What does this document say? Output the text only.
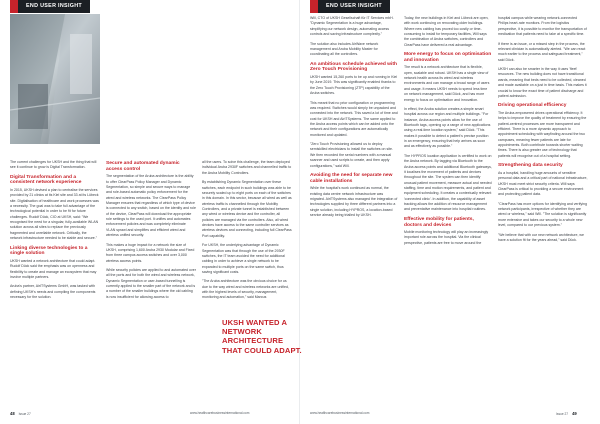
END USER INSIGHT
48 Issue 27	www.healthcarebusinessinternational.com
END USER INSIGHT
www.healthcarebusinessinternational.com	Issue 27 49

The current challenges for UKSH and the thing that will see it continue to grow is Digital Transformation.

Digital Transformation and a consistent network experience

In 2015, UKSH devised a plan to centralise the services provided by 21 clinics at its Kiel site and 33 at its Lübeck site. Digitalisation of healthcare and work processes was a necessity. The goal was to take full advantage of the technological potential in order to be fit for future challenges. Rudolf Dück, CIO at UKSH, said: "We recognised the need for a singular, fully-available WLAN solution across all sites to replace the previously fragmented and unreliable network. Critically, the network infrastructure needed to be stable and secure."

Linking diverse technologies to a single solution

UKSH wanted a network architecture that could adapt. Rudolf Dück said the emphasis was on openness and flexibility to create and manage an ecosystem that may involve multiple partners.

Aruba's partner, AirITSystems GmbH, was tasked with defining UKSH's needs and compiling the components necessary for the solution.

Secure and automated dynamic access control

The segmentation of the Aruba architecture is the ability to offer ClearPass Policy Manager and Dynamic Segmentation, so simple and secure ways to manage and role-based automatic policy enforcement for the wired and wireless networks. The ClearPass Policy Manager ensures that regardless of which type of device is connected to any switch, based on the identity and role of the device, ClearPass will download the appropriate role settings to the used port. It unifies and automates enforcement policies and was completely eliminate VLAN sprawl and simplifies and efficient wired and wireless unified security.

This makes a huge impact for a network the size of UKSH, comprising 1,600 Aruba 2930 Modular and Fixed from three campus access switches and over 3,000 wireless access points.

While security policies are applied to and automated over all the ports and for both the wired and wireless network, Dynamic Segmentation or user-based tunnelling is currently applied to the smaller part of the network and is a number of the smaller buildings where the old cabling is now insufficient for allowing access to

all the users. To solve this challenge, the team deployed individual Aruba 2930F switches and channelled traffic to the Aruba Mobility Controllers.

By establishing Dynamic Segmentation over these switches, each endpoint in such buildings was able to be securely scaled up to eight ports on each of the switches in this domain. In this sector, because all wired as well as wireless traffic is channelled through the Mobility Controllers, and a private tunnel is established between any wired or wireless device and the controller, all policies are managed via the controllers. Also, all wired devices have access to the same controller services as wireless devices and connecting, including full ClearPass Port capability.

For UKSH, the underlying advantage of Dynamic Segmentation was that through the use of the 2930F switches, the IT team avoided the need for additional cabling in order to achieve a single network to be expanded to multiple ports on the same switch, thus saving significant costs.

"The Aruba architecture was the obvious choice for us due to the way wired and wireless networks are unified, with the highest levels of security, management, monitoring and automation," said Marcus

Will, CTO of UKSH Gesellschaft für IT Services mbH. "Dynamic Segmentation is a huge advantage, simplifying our network design, automating access controls and saving infrastructure complexity."

The solution also includes AirWave network management and Aruba Mobility Master for coordinating all the controllers.

An ambitious schedule achieved with Zero Touch Provisioning

UKSH wanted 15,260 ports to be up and running in Kiel by June 2019. This was significantly enabled thanks to the Zero Touch Provisioning (ZTP) capability of the Aruba switches.

This meant that no prior configuration or programming was required. Switches would simply be unpacked and connected into the network. This saved a lot of time and cost for UKSH and AirITSystems. The same applied to the Aruba access points which can be added onto the network and their configurations are automatically monitored and updated.

"Zero Touch Provisioning allowed us to deploy semiskilled electricians to install the switches on site. We then recorded the serial numbers with a manual scanner and used scripts to create, and then apply configurations," said Will.

Avoiding the need for separate new cable installations

While the hospital's work continued as normal, the existing data centre network infrastructure was migrated. AirITSystems also managed the integration of technologies supplied by three different partners into a single solution, including HYPROS, a location-based service already being trialled by UKSH.

UKSH WANTED A NETWORK ARCHITECTURE THAT COULD ADAPT.

Today, the new buildings in Kiel and Lübeck are open, with work continuing on renovating older buildings. Where new cabling has proved too costly or time-consuming to install for temporary facilities, Will says the combination of Aruba switches, controllers and ClearPass have delivered a real advantage.

More energy to focus on optimisation and innovation

The result is a network architecture that is flexible, open, scalable and robust. UKSH has a single view of network health across its wired and wireless environments and can manage a broad range of users and usage. It means UKSH needs to spend less time on network management, said Dück, and has more energy to focus on optimisation and innovation.

In effect, the Aruba solution creates a simple smart hospital across our region and multiple buildings. "For instance, Aruba access points allow for the use of Bluetooth tags, opening up a range of new applications using a real-time location system," said Dück. "This makes it possible to detect a patient's precise position in an emergency, ensuring that help arrives as soon and as effectively as possible."

The HYPROS location application is certified to work on the Aruba network. By tagging via Bluetooth to the Aruba access points and additional Bluetooth gateways, it localises the movement of patients and devices throughout the site. The system can then identify unusual patient movement, measure actual and needed staffing, time and motion requirements, and patient and equipment scheduling. It creates a contextually relevant 'connected clinic'. In addition, the capability of asset tracking allows the addition of resource management and preventative maintenance into hospital routines.

Effective mobility for patients, doctors and devices

Mobile monitoring technology will play an increasingly important role across the hospital. Via the clinical perspective, patients are free to move around the

hospital campus while wearing network-connected Philips heart-rate monitors. From the logistics perspective, it is possible to monitor the transportation of medication that patients need to take at a specific time.

If there is an issue, or a missed step in the process, the relevant clinician is automatically alerted. "We can react much earlier to the process and safeguard treatment," said Dück.

UKSH can also be smarter in the way it uses 'fleet' resources. The new building does not have transitional wards, meaning that beds need to be collected, cleaned and made available on a just in time basis. This makes it crucial to know the exact time of patient discharge and patient admission.

Driving operational efficiency

The Aruba-empowered drives operational efficiency. It helps to improve the quality of treatment by ensuring the patient-centred processes are more transparent and efficient. There is a more dynamic approach to appointment scheduling with wayfinding around the two campuses, meaning fewer patients are late for appointments. Both contribute towards shorter waiting times. There is also greater use of technology that patients will recognise out of a hospital setting.

Strengthening data security

As a hospital, handling huge amounts of sensitive personal data and a critical part of national infrastructure, UKSH must meet strict security criteria. Will says ClearPass is critical to providing a secure environment and protecting patient data.

"ClearPass has more options for identifying and verifying network participants, irrespective of whether they are wired or wireless," said Will. "The solution is significantly more extensive and takes our security to a whole new level, compared to our previous system."

"We believe that with our new network architecture, we have a solution fit for the years ahead," said Dück.
